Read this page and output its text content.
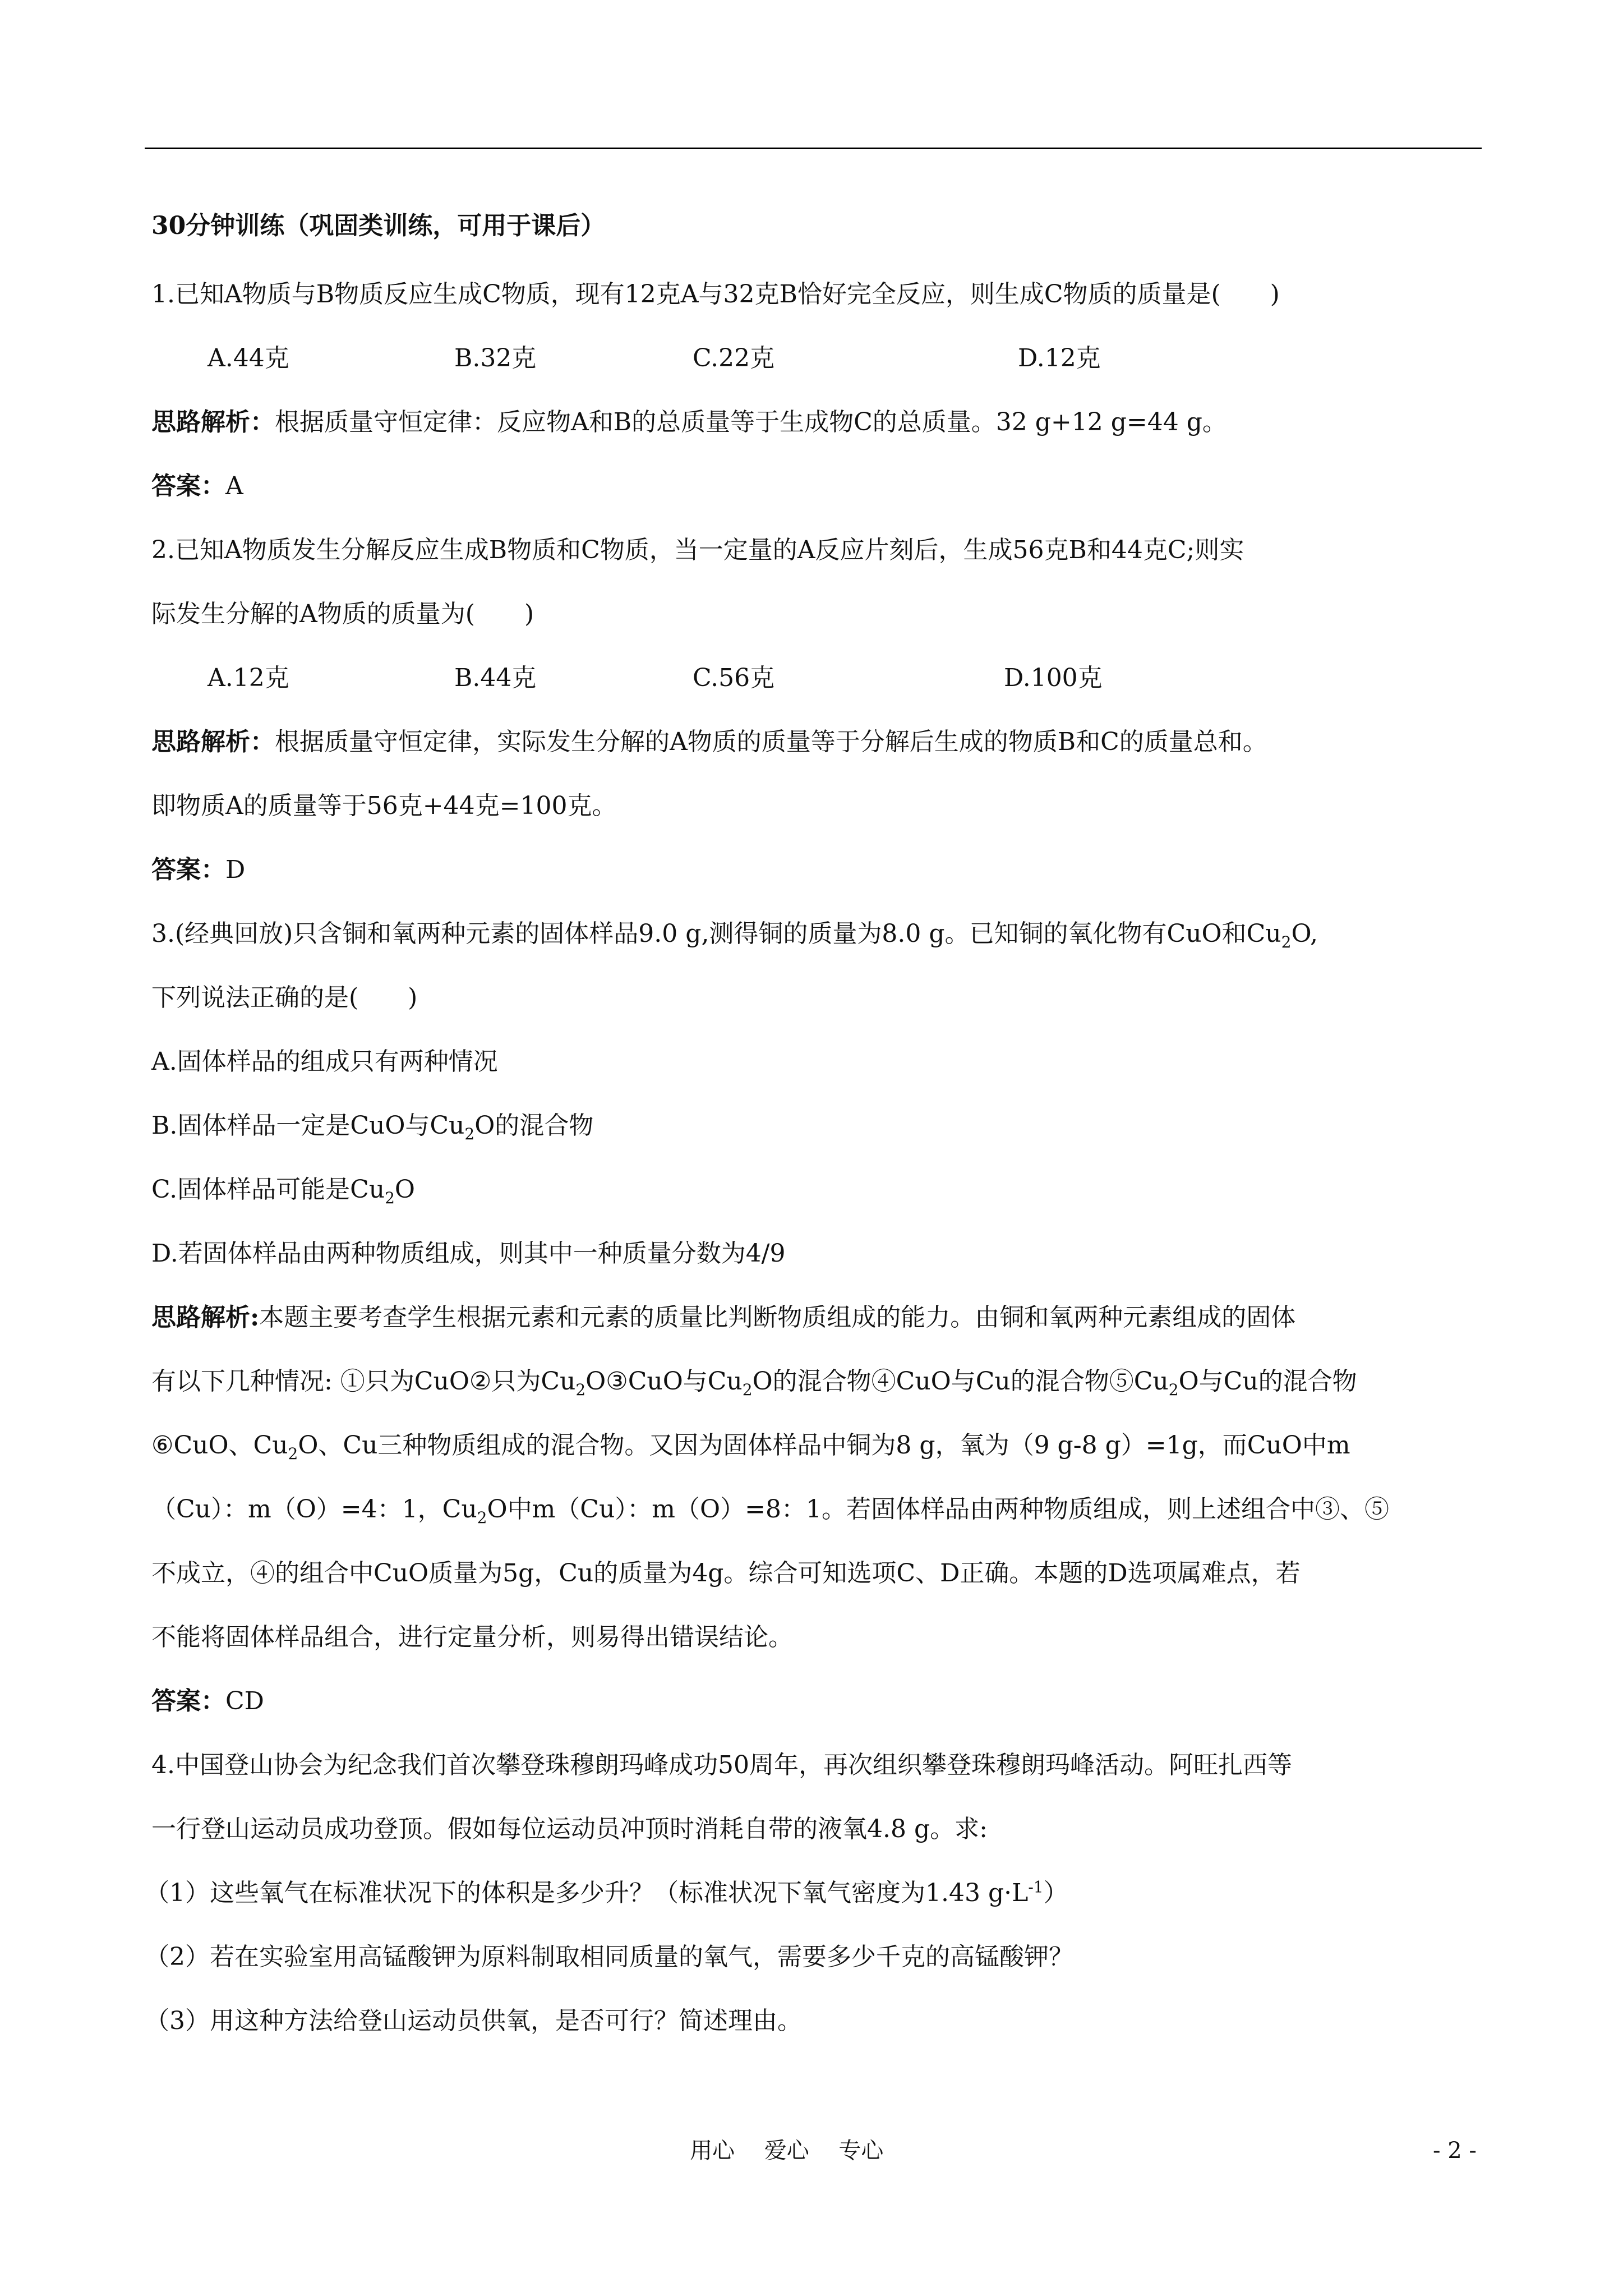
30分钟训练（巩固类训练，可用于课后）
1.已知A物质与B物质反应生成C物质，现有12克A与32克B恰好完全反应，则生成C物质的质量是(　　)
A.44克	B.32克	C.22克	D.12克
思路解析：根据质量守恒定律：反应物A和B的总质量等于生成物C的总质量。32 g+12 g=44 g。
答案：A
2.已知A物质发生分解反应生成B物质和C物质，当一定量的A反应片刻后，生成56克B和44克C;则实
际发生分解的A物质的质量为(　　)
A.12克	B.44克	C.56克	D.100克
思路解析：根据质量守恒定律，实际发生分解的A物质的质量等于分解后生成的物质B和C的质量总和。
即物质A的质量等于56克+44克=100克。
答案：D
3.(经典回放)只含铜和氧两种元素的固体样品9.0 g,测得铜的质量为8.0 g。已知铜的氧化物有CuO和$Cu_2O$,
下列说法正确的是(　　)
A.固体样品的组成只有两种情况
B.固体样品一定是CuO与$Cu_2O$的混合物
C.固体样品可能是$Cu_2O$
D.若固体样品由两种物质组成，则其中一种质量分数为4/9
思路解析:本题主要考查学生根据元素和元素的质量比判断物质组成的能力。由铜和氧两种元素组成的固体
有以下几种情况: ①只为CuO②只为$Cu_2O③CuO$与$Cu_2O$的混合物④CuO与Cu的混合物$⑤Cu_2O$与Cu的混合物
⑥CuO、$Cu_2O$、Cu三种物质组成的混合物。又因为固体样品中铜为8 g，氧为（9 g-8 g）=1g，而CuO中m
（Cu）：m（O）=4：1，$Cu_2O$中m（Cu）：m（O）=8：1。若固体样品由两种物质组成，则上述组合中③、⑤
不成立，④的组合中CuO质量为5g，Cu的质量为4g。综合可知选项C、D正确。本题的D选项属难点，若
不能将固体样品组合，进行定量分析，则易得出错误结论。
答案：CD
4.中国登山协会为纪念我们首次攀登珠穆朗玛峰成功50周年，再次组织攀登珠穆朗玛峰活动。阿旺扎西等
一行登山运动员成功登顶。假如每位运动员冲顶时消耗自带的液氧4.8 g。求:
（1）这些氧气在标准状况下的体积是多少升？（标准状况下氧气密度为1.43 $g\cdot L^{-1}$）
（2）若在实验室用高锰酸钾为原料制取相同质量的氧气，需要多少千克的高锰酸钾？
（3）用这种方法给登山运动员供氧，是否可行？简述理由。
用心 爱心 专心	- 2 -
